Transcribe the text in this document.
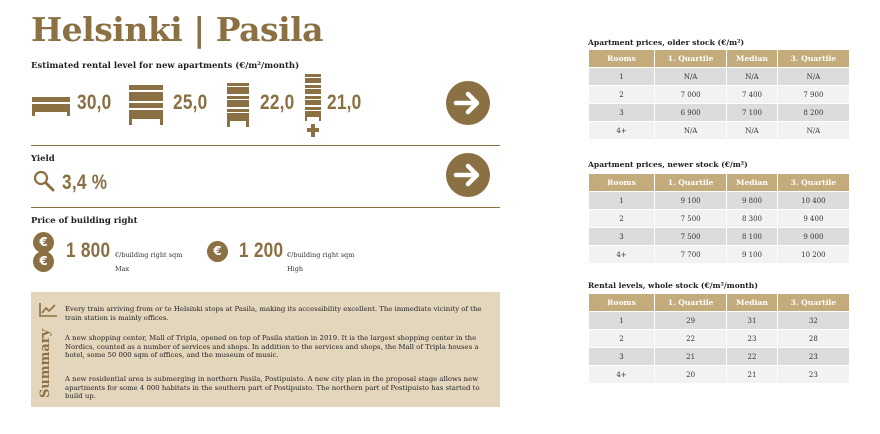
Helsinki | Pasila
Estimated rental level for new apartments (€/m²/month)
30,0	25,0 22,0 21,0
Yield
3,4 %
Price of building right
€
€ 1 800 €/building right sqm
Max
€ 1 200 €/building right sqm
High
Summary
Every train arriving from or to Helsinki stops at Pasila, making its accessibility excellent. The immediate vicinity of the train station is mainly offices.
A new shopping center, Mall of Tripla, opened on top of Pasila station in 2019. It is the largest shopping center in the Nordics, counted as a number of services and shops. In addition to the services and shops, the Mall of Tripla houses a hotel, some 50 000 sqm of offices, and the museum of music.
A new residential area is submerging in northern Pasila, Postipuisto. A new city plan in the proposal stage allows new apartments for some 4 000 habitats in the southern part of Postipuisto. The northern part of Postipuisto has started to build up.
Apartment prices, older stock (€/m²)
Rooms	1. Quartile	Median	3. Quartile
1	N/A	N/A	N/A
2	7 000	7 400	7 900
3	6 900	7 100	8 200
4+	N/A	N/A	N/A
Apartment prices, newer stock (€/m²)
Rooms	1. Quartile	Median	3. Quartile
1	9 100	9 800	10 400
2	7 500	8 300	9 400
3	7 500	8 100	9 000
4+	7 700	9 100	10 200
Rental levels, whole stock (€/m²/month)
Rooms	1. Quartile	Median	3. Quartile
1	29	31	32
2	22	23	28
3	21	22	23
4+	20	21	23
